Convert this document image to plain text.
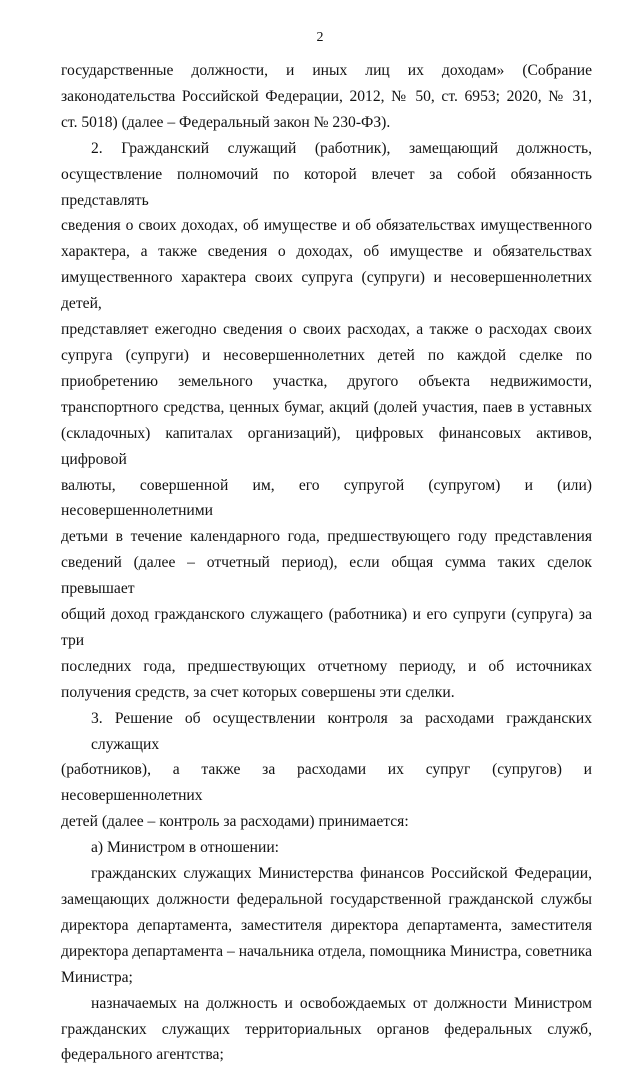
2
государственные должности, и иных лиц их доходам» (Собрание
законодательства Российской Федерации, 2012, № 50, ст. 6953; 2020, № 31,
ст. 5018) (далее – Федеральный закон № 230-ФЗ).
2. Гражданский служащий (работник), замещающий должность,
осуществление полномочий по которой влечет за собой обязанность представлять
сведения о своих доходах, об имуществе и об обязательствах имущественного
характера, а также сведения о доходах, об имуществе и обязательствах
имущественного характера своих супруга (супруги) и несовершеннолетних детей,
представляет ежегодно сведения о своих расходах, а также о расходах своих
супруга (супруги) и несовершеннолетних детей по каждой сделке по
приобретению земельного участка, другого объекта недвижимости,
транспортного средства, ценных бумаг, акций (долей участия, паев в уставных
(складочных) капиталах организаций), цифровых финансовых активов, цифровой
валюты, совершенной им, его супругой (супругом) и (или) несовершеннолетними
детьми в течение календарного года, предшествующего году представления
сведений (далее – отчетный период), если общая сумма таких сделок превышает
общий доход гражданского служащего (работника) и его супруги (супруга) за три
последних года, предшествующих отчетному периоду, и об источниках
получения средств, за счет которых совершены эти сделки.
3. Решение об осуществлении контроля за расходами гражданских служащих
(работников), а также за расходами их супруг (супругов) и несовершеннолетних
детей (далее – контроль за расходами) принимается:
а) Министром в отношении:
гражданских служащих Министерства финансов Российской Федерации,
замещающих должности федеральной государственной гражданской службы
директора департамента, заместителя директора департамента, заместителя
директора департамента – начальника отдела, помощника Министра, советника
Министра;
назначаемых на должность и освобождаемых от должности Министром
гражданских служащих территориальных органов федеральных служб,
федерального агентства;
